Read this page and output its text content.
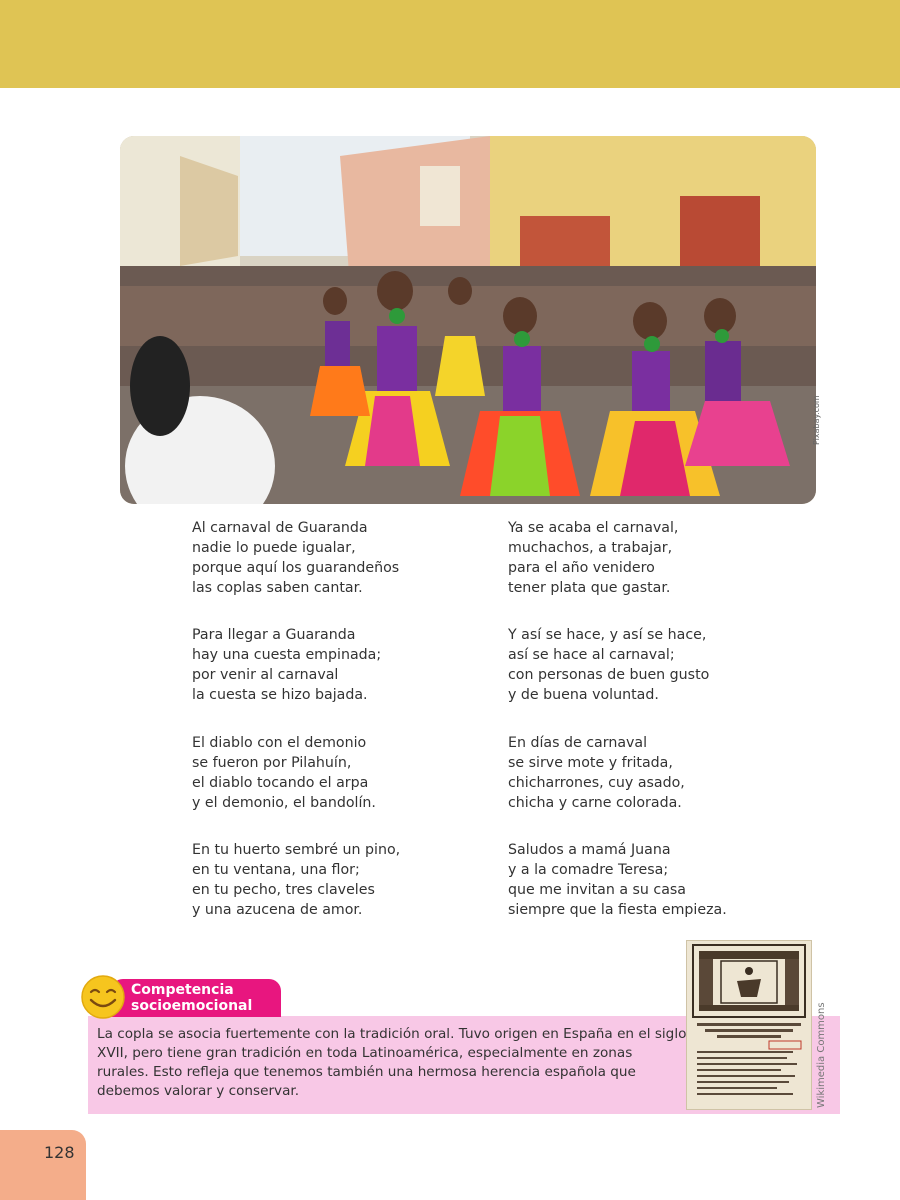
Pixabay.com
Al carnaval de Guaranda
nadie lo puede igualar,
porque aquí los guarandeños
las coplas saben cantar.
Para llegar a Guaranda
hay una cuesta empinada;
por venir al carnaval
la cuesta se hizo bajada.
El diablo con el demonio
se fueron por Pilahuín,
el diablo tocando el arpa
y el demonio, el bandolín.
En tu huerto sembré un pino,
en tu ventana, una flor;
en tu pecho, tres claveles
y una azucena de amor.
Ya se acaba el carnaval,
muchachos, a trabajar,
para el año venidero
tener plata que gastar.
Y así se hace, y así se hace,
así se hace al carnaval;
con personas de buen gusto
y de buena voluntad.
En días de carnaval
se sirve mote y fritada,
chicharrones, cuy asado,
chicha y carne colorada.
Saludos a mamá Juana
y a la comadre Teresa;
que me invitan a su casa
siempre que la fiesta empieza.
Competencia
socioemocional
La copla se asocia fuertemente con la tradición oral. Tuvo origen en España en el siglo XVII, pero tiene gran tradición en toda Latinoamérica, especialmente en zonas rurales. Esto refleja que tenemos también una hermosa herencia española que debemos valorar y conservar.	Wikimedia Commons
128
